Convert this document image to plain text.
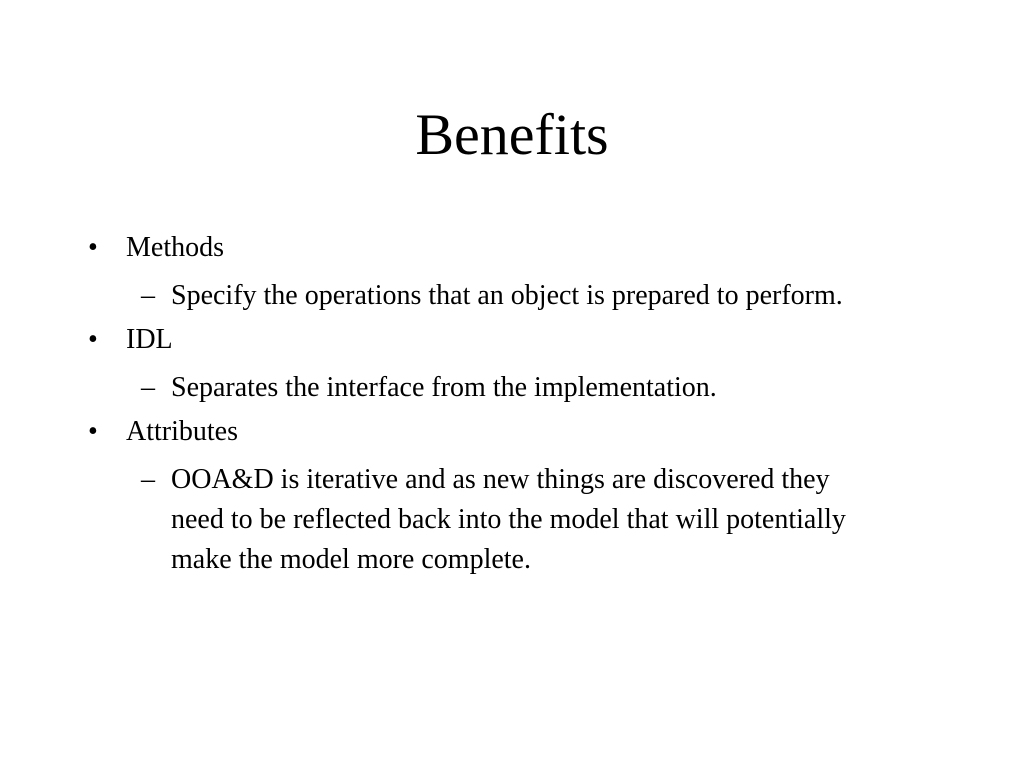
Benefits
• Methods
– Specify the operations that an object is prepared to perform.
• IDL
– Separates the interface from the implementation.
• Attributes
– OOA&D is iterative and as new things are discovered they need to be reflected back into the model that will potentially make the model more complete.
